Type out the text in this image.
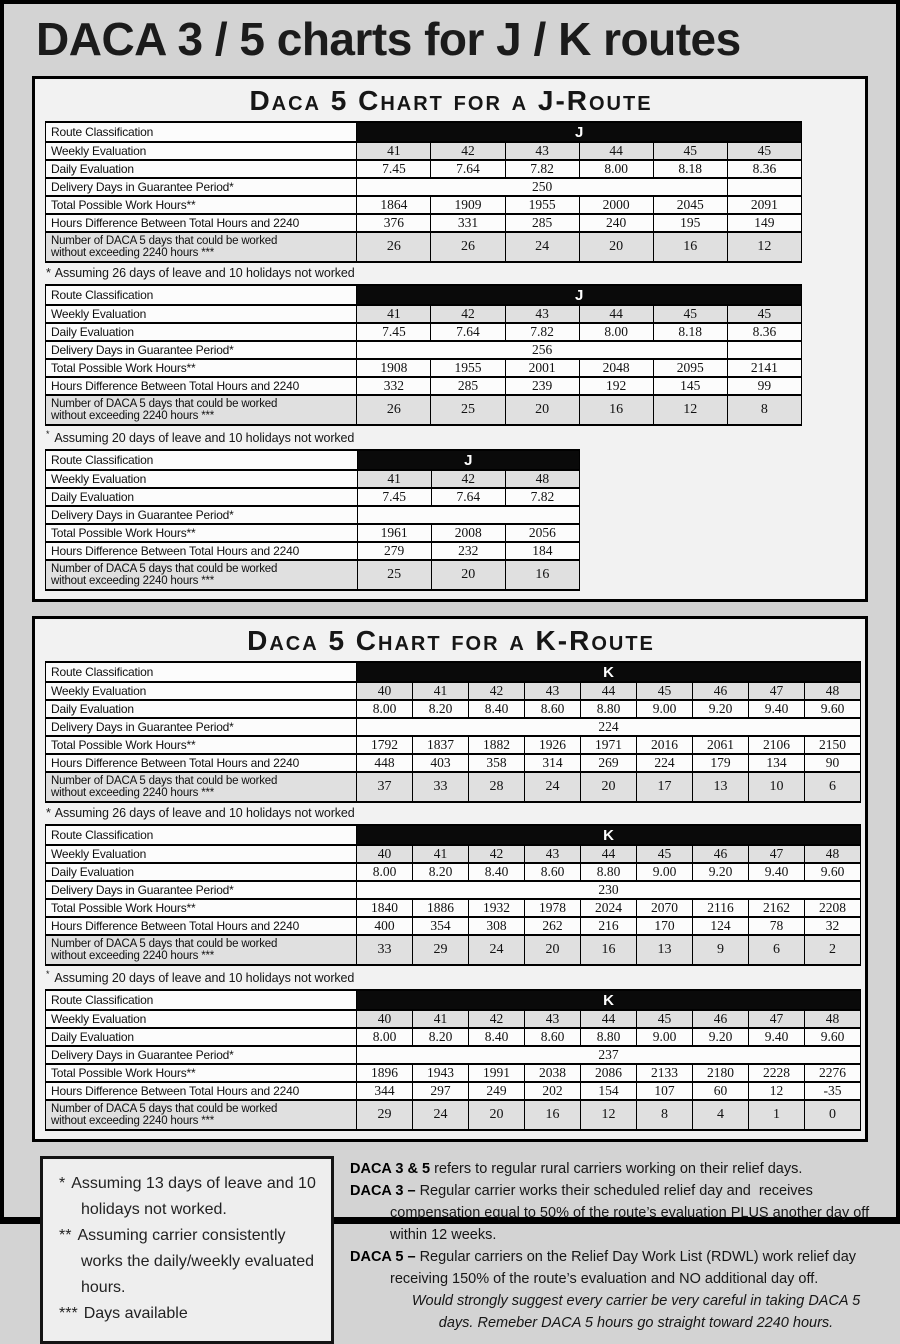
DACA 3 / 5 charts for J / K routes
Daca 5 Chart for a J-Route
Route Classification	J					
Weekly Evaluation	41	42	43	44	45	45
Daily Evaluation	7.45	7.64	7.82	8.00	8.18	8.36
Delivery Days in Guarantee Period*	250					
Total Possible Work Hours**	1864	1909	1955	2000	2045	2091
Hours Difference Between Total Hours and 2240	376	331	285	240	195	149

Number of DACA 5 days that could be worked
without exceeding 2240 hours ***	26	26	24	20	16	12
* Assuming 26 days of leave and 10 holidays not worked
Route Classification	J					
Weekly Evaluation	41	42	43	44	45	45
Daily Evaluation	7.45	7.64	7.82	8.00	8.18	8.36
Delivery Days in Guarantee Period*	256					
Total Possible Work Hours**	1908	1955	2001	2048	2095	2141
Hours Difference Between Total Hours and 2240	332	285	239	192	145	99

Number of DACA 5 days that could be worked
without exceeding 2240 hours ***	26	25	20	16	12	8
* Assuming 20 days of leave and 10 holidays not worked
Route Classification	J		
Weekly Evaluation	41	42	48
Daily Evaluation	7.45	7.64	7.82
Delivery Days in Guarantee Period*			
Total Possible Work Hours**	1961	2008	2056
Hours Difference Between Total Hours and 2240	279	232	184

Number of DACA 5 days that could be worked
without exceeding 2240 hours ***	25	20	16
Daca 5 Chart for a K-Route
Route Classification	K								
Weekly Evaluation	40	41	42	43	44	45	46	47	48
Daily Evaluation	8.00	8.20	8.40	8.60	8.80	9.00	9.20	9.40	9.60
Delivery Days in Guarantee Period*	224								
Total Possible Work Hours**	1792	1837	1882	1926	1971	2016	2061	2106	2150
Hours Difference Between Total Hours and 2240	448	403	358	314	269	224	179	134	90

Number of DACA 5 days that could be worked
without exceeding 2240 hours ***	37	33	28	24	20	17	13	10	6
* Assuming 26 days of leave and 10 holidays not worked
Route Classification	K								
Weekly Evaluation	40	41	42	43	44	45	46	47	48
Daily Evaluation	8.00	8.20	8.40	8.60	8.80	9.00	9.20	9.40	9.60
Delivery Days in Guarantee Period*	230								
Total Possible Work Hours**	1840	1886	1932	1978	2024	2070	2116	2162	2208
Hours Difference Between Total Hours and 2240	400	354	308	262	216	170	124	78	32

Number of DACA 5 days that could be worked
without exceeding 2240 hours ***	33	29	24	20	16	13	9	6	2
* Assuming 20 days of leave and 10 holidays not worked
Route Classification	K								
Weekly Evaluation	40	41	42	43	44	45	46	47	48
Daily Evaluation	8.00	8.20	8.40	8.60	8.80	9.00	9.20	9.40	9.60
Delivery Days in Guarantee Period*	237								
Total Possible Work Hours**	1896	1943	1991	2038	2086	2133	2180	2228	2276
Hours Difference Between Total Hours and 2240	344	297	249	202	154	107	60	12	-35

Number of DACA 5 days that could be worked
without exceeding 2240 hours ***	29	24	20	16	12	8	4	1	0
* Assuming 13 days of leave and 10 holidays not worked.
** Assuming carrier consistently works the daily/weekly evaluated hours.
*** Days available

DACA 3 & 5 refers to regular rural carriers working on their relief days.

DACA 3 – Regular carrier works their scheduled relief day and  receives compensation equal to 50% of the route’s evaluation PLUS another day off within 12 weeks.

DACA 5 – Regular carriers on the Relief Day Work List (RDWL) work relief day receiving 150% of the route’s evaluation and NO additional day off.

Would strongly suggest every carrier be very careful in taking DACA 5
days. Remeber DACA 5 hours go straight toward 2240 hours.
